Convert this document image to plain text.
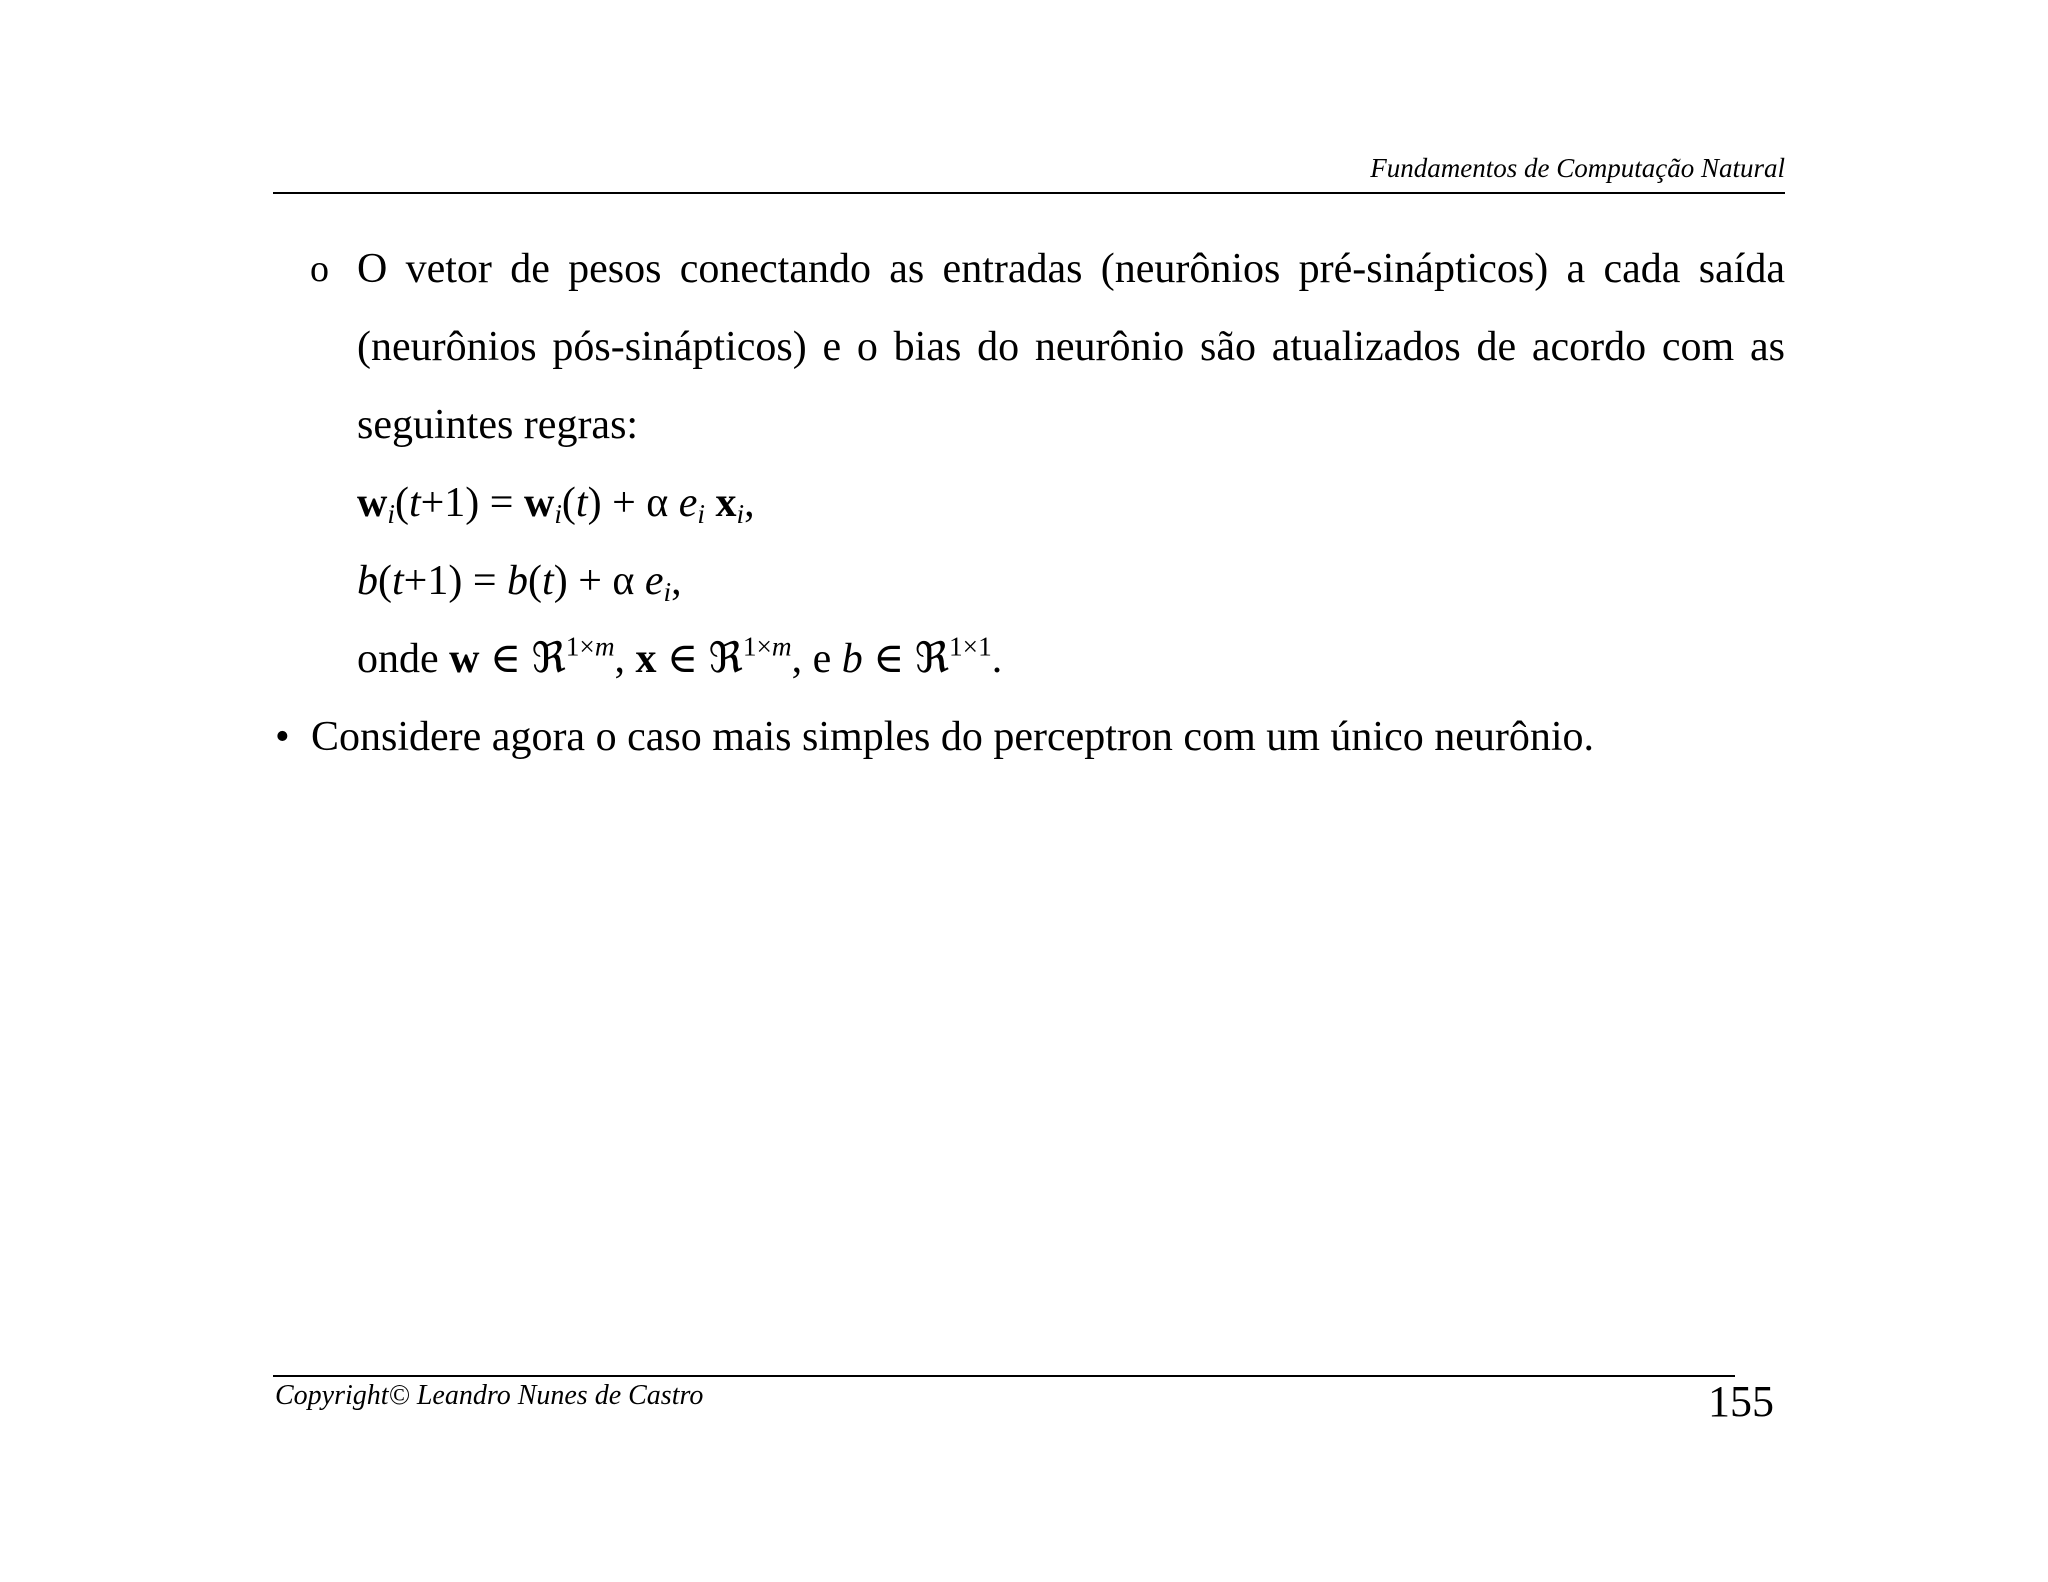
Fundamentos de Computação Natural
o O vetor de pesos conectando as entradas (neurônios pré-sinápticos) a cada saída (neurônios pós-sinápticos) e o bias do neurônio são atualizados de acordo com as seguintes regras:
$w_i(t+1) = w_i(t) + \alpha$ $e_i$ $x_i$,
b(t+1) = b(t) + α $e_i$,
onde w ∈ ℜ$^{1\times m}$, x ∈ ℜ$^{1\times m}$, e b ∈ ℜ$^{1\times 1}$.
• Considere agora o caso mais simples do perceptron com um único neurônio.
Copyright© Leandro Nunes de Castro	155
